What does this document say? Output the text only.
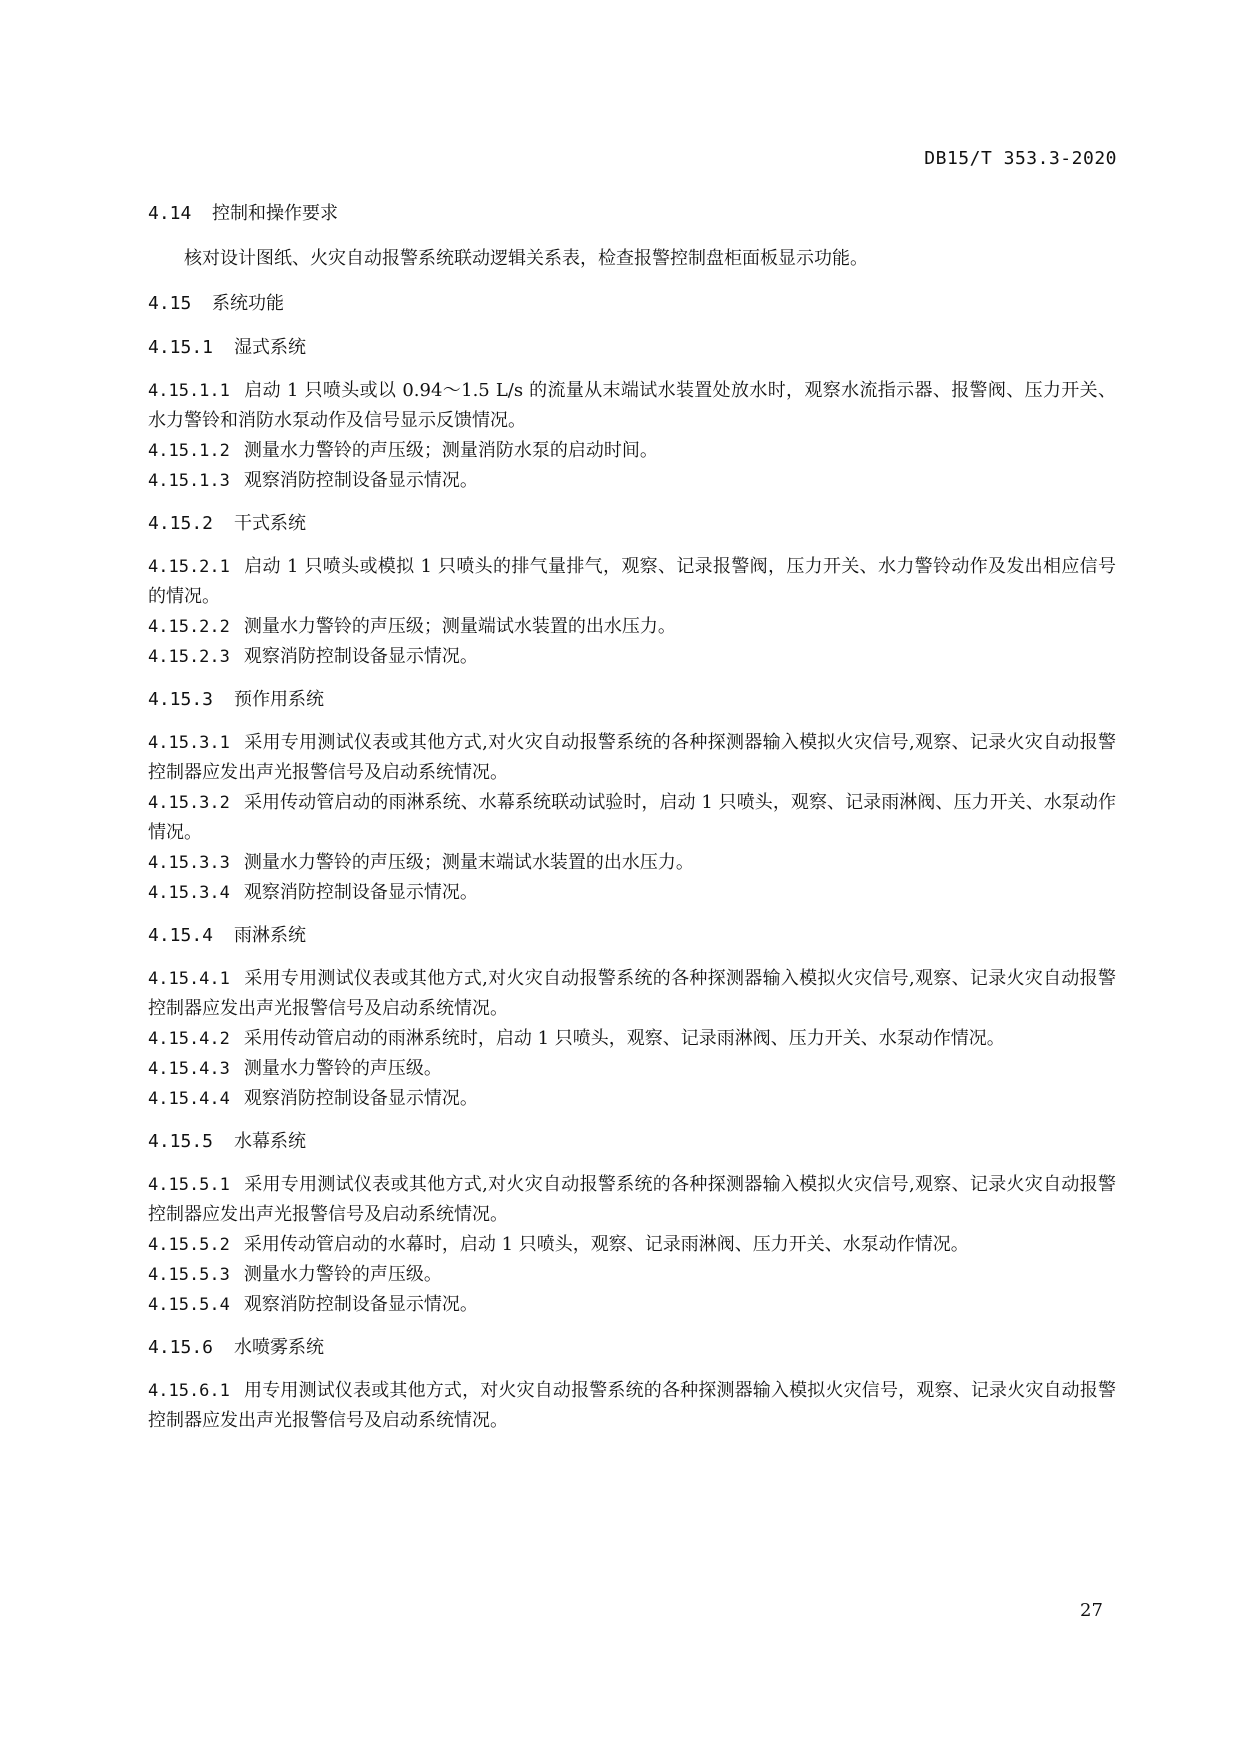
DB15/T 353.3-2020
4.14 控制和操作要求

核对设计图纸、火灾自动报警系统联动逻辑关系表，检查报警控制盘柜面板显示功能。

4.15 系统功能
4.15.1 湿式系统

4.15.1.1 启动 1 只喷头或以 0.94～1.5 L/s 的流量从末端试水装置处放水时，观察水流指示器、报警阀、压力开关、水力警铃和消防水泵动作及信号显示反馈情况。

4.15.1.2 测量水力警铃的声压级；测量消防水泵的启动时间。

4.15.1.3 观察消防控制设备显示情况。

4.15.2 干式系统

4.15.2.1 启动 1 只喷头或模拟 1 只喷头的排气量排气，观察、记录报警阀，压力开关、水力警铃动作及发出相应信号的情况。

4.15.2.2 测量水力警铃的声压级；测量端试水装置的出水压力。

4.15.2.3 观察消防控制设备显示情况。

4.15.3 预作用系统

4.15.3.1 采用专用测试仪表或其他方式,对火灾自动报警系统的各种探测器输入模拟火灾信号,观察、记录火灾自动报警控制器应发出声光报警信号及启动系统情况。

4.15.3.2 采用传动管启动的雨淋系统、水幕系统联动试验时，启动 1 只喷头，观察、记录雨淋阀、压力开关、水泵动作情况。

4.15.3.3 测量水力警铃的声压级；测量末端试水装置的出水压力。

4.15.3.4 观察消防控制设备显示情况。

4.15.4 雨淋系统

4.15.4.1 采用专用测试仪表或其他方式,对火灾自动报警系统的各种探测器输入模拟火灾信号,观察、记录火灾自动报警控制器应发出声光报警信号及启动系统情况。

4.15.4.2 采用传动管启动的雨淋系统时，启动 1 只喷头，观察、记录雨淋阀、压力开关、水泵动作情况。

4.15.4.3 测量水力警铃的声压级。

4.15.4.4 观察消防控制设备显示情况。

4.15.5 水幕系统

4.15.5.1 采用专用测试仪表或其他方式,对火灾自动报警系统的各种探测器输入模拟火灾信号,观察、记录火灾自动报警控制器应发出声光报警信号及启动系统情况。

4.15.5.2 采用传动管启动的水幕时，启动 1 只喷头，观察、记录雨淋阀、压力开关、水泵动作情况。

4.15.5.3 测量水力警铃的声压级。

4.15.5.4 观察消防控制设备显示情况。

4.15.6 水喷雾系统

4.15.6.1 用专用测试仪表或其他方式，对火灾自动报警系统的各种探测器输入模拟火灾信号，观察、记录火灾自动报警控制器应发出声光报警信号及启动系统情况。

27
